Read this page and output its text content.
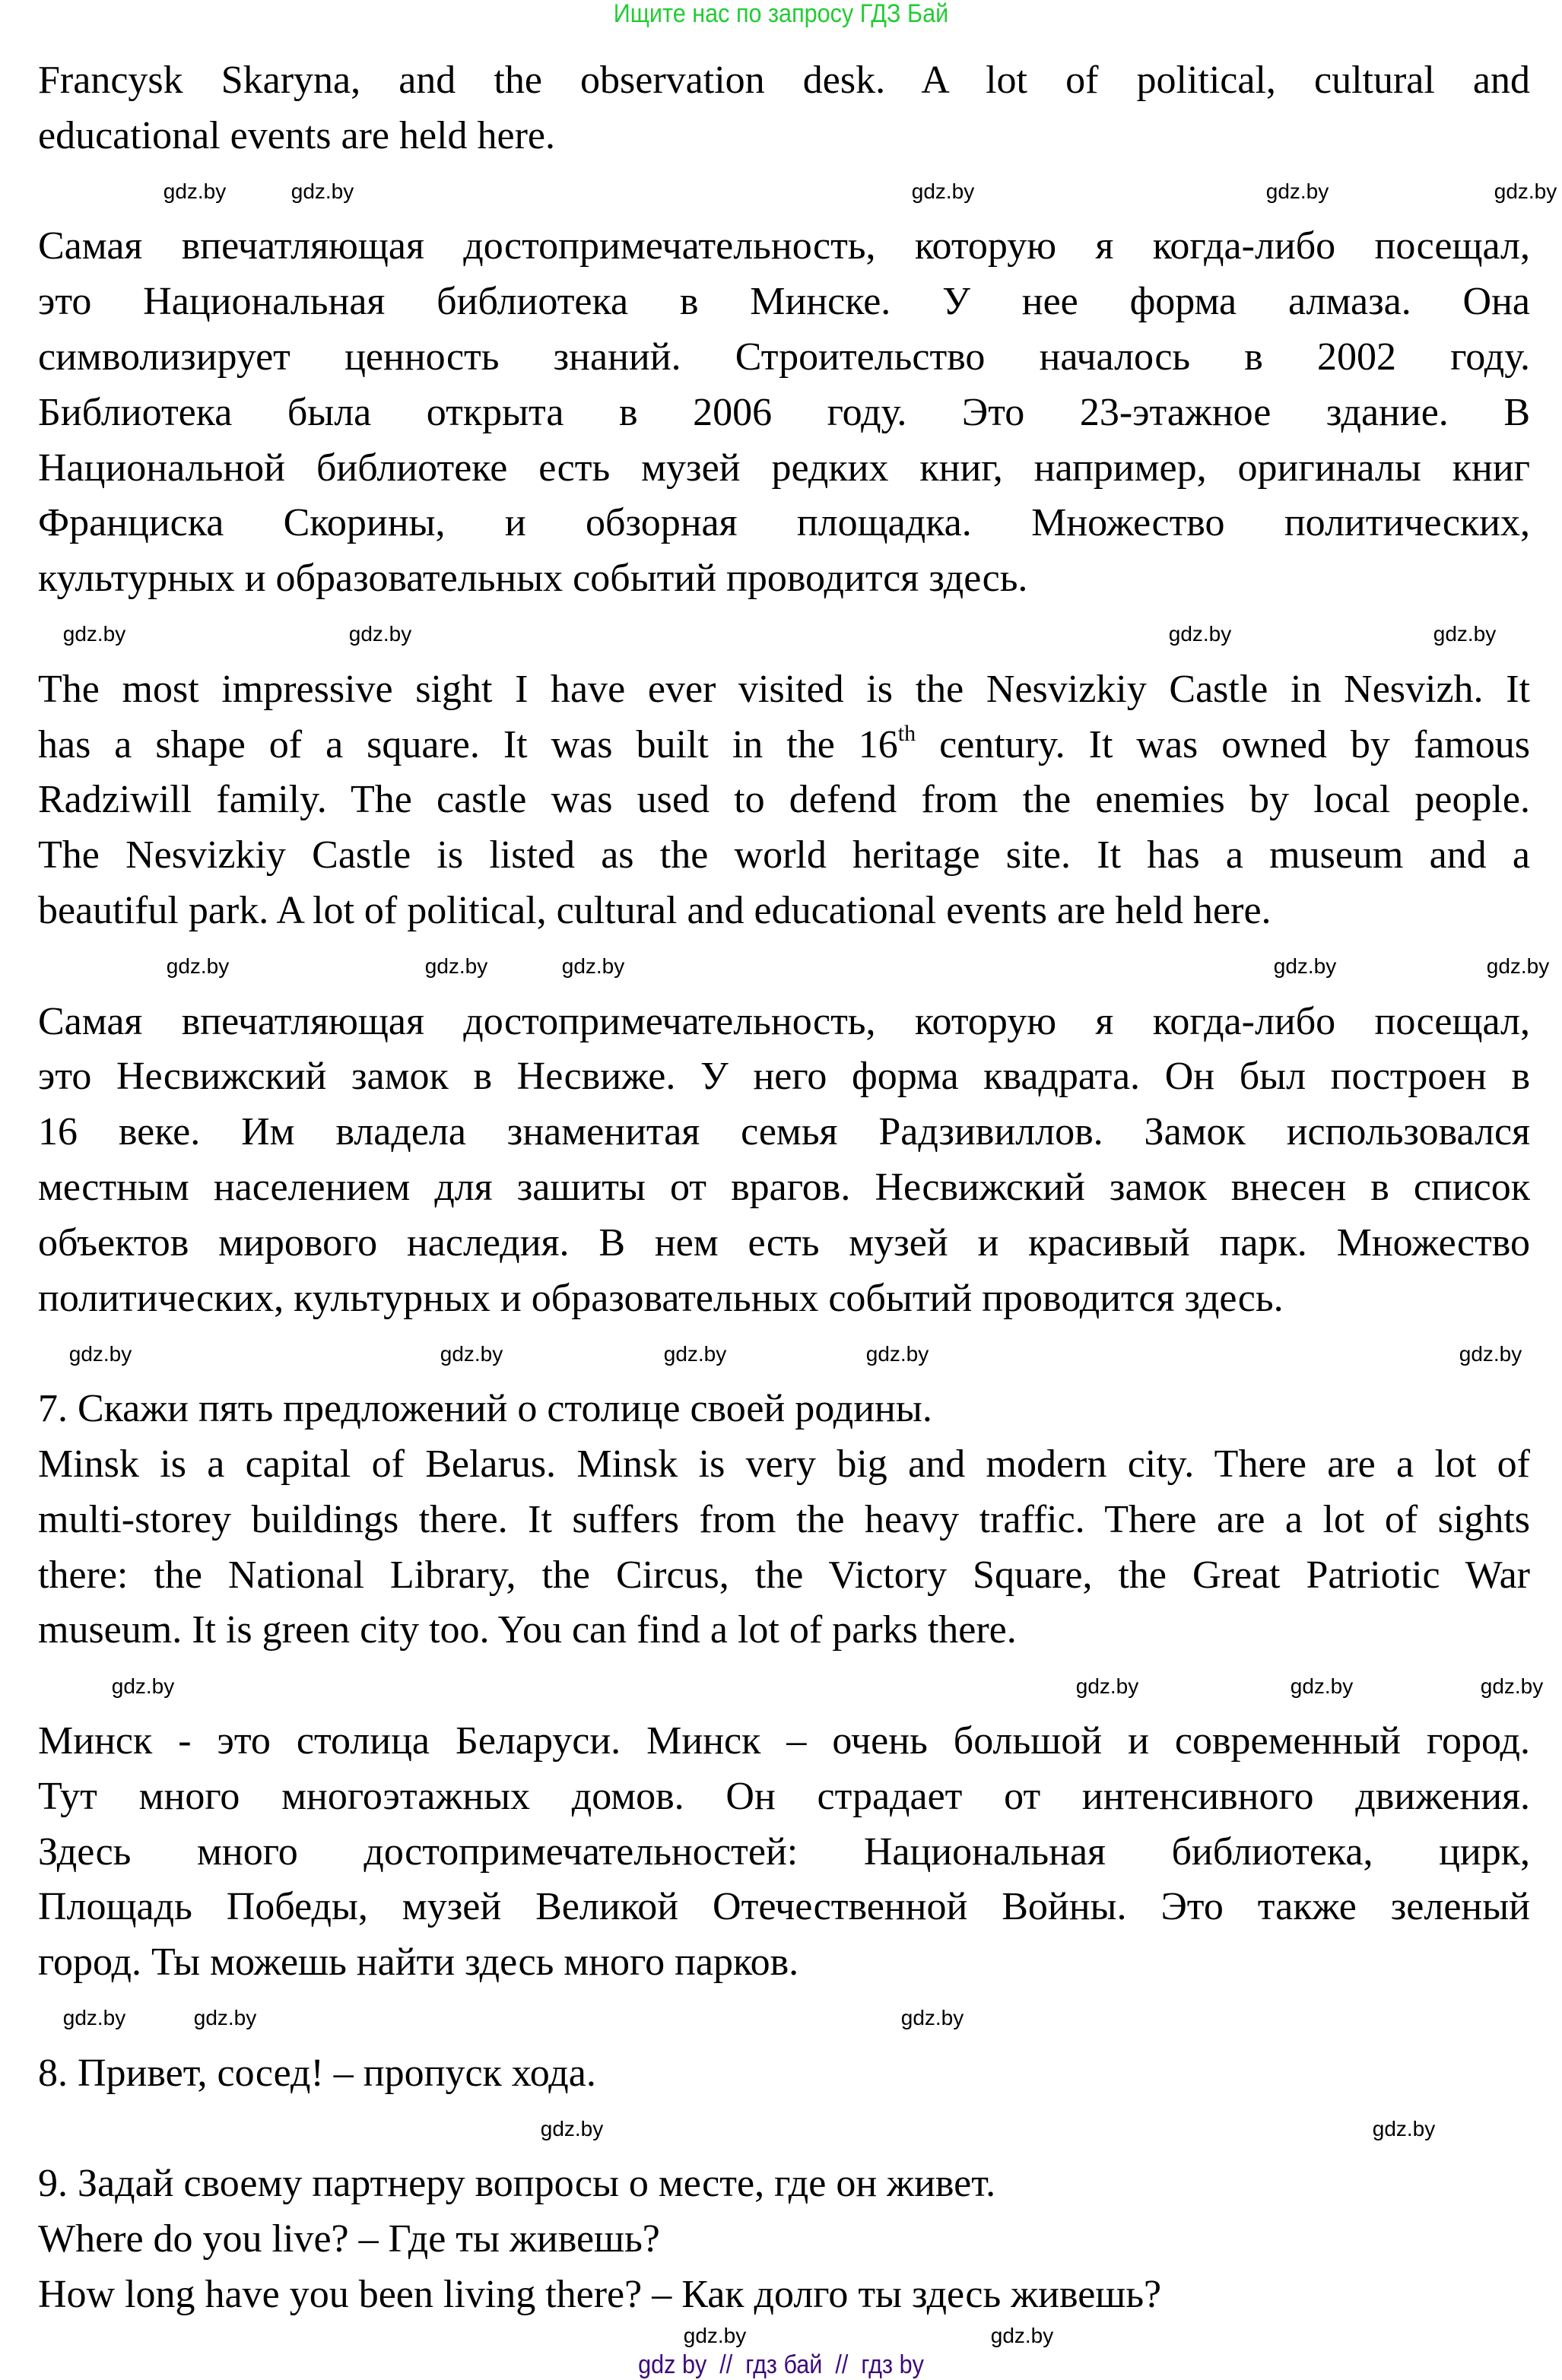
Ищите нас по запросу ГДЗ Бай
Francysk Skaryna, and the observation desk. A lot of political, cultural and
educational events are held here.
Самая впечатляющая достопримечательность, которую я когда-либо посещал,
это Национальная библиотека в Минске. У нее форма алмаза. Она
символизирует ценность знаний. Строительство началось в 2002 году.
Библиотека была открыта в 2006 году. Это 23-этажное здание. В
Национальной библиотеке есть музей редких книг, например, оригиналы книг
Франциска Скорины, и обзорная площадка. Множество политических,
культурных и образовательных событий проводится здесь.
The most impressive sight I have ever visited is the Nesvizkiy Castle in Nesvizh. It
has a shape of a square. It was built in the 16th century. It was owned by famous
Radziwill family. The castle was used to defend from the enemies by local people.
The Nesvizkiy Castle is listed as the world heritage site. It has a museum and a
beautiful park. A lot of political, cultural and educational events are held here.
Самая впечатляющая достопримечательность, которую я когда-либо посещал,
это Несвижский замок в Несвиже. У него форма квадрата. Он был построен в
16 веке. Им владела знаменитая семья Радзивиллов. Замок использовался
местным населением для зашиты от врагов. Несвижский замок внесен в список
объектов мирового наследия. В нем есть музей и красивый парк. Множество
политических, культурных и образовательных событий проводится здесь.
7. Скажи пять предложений о столице своей родины.
Minsk is a capital of Belarus. Minsk is very big and modern city. There are a lot of
multi-storey buildings there. It suffers from the heavy traffic. There are a lot of sights
there: the National Library, the Circus, the Victory Square, the Great Patriotic War
museum. It is green city too. You can find a lot of parks there.
Минск - это столица Беларуси. Минск – очень большой и современный город.
Тут много многоэтажных домов. Он страдает от интенсивного движения.
Здесь много достопримечательностей: Национальная библиотека, цирк,
Площадь Победы, музей Великой Отечественной Войны. Это также зеленый
город. Ты можешь найти здесь много парков.
8. Привет, сосед! – пропуск хода.
9. Задай своему партнеру вопросы о месте, где он живет.
Where do you live? – Где ты живешь?
How long have you been living there? – Как долго ты здесь живешь?
gdz by  //  гдз бай  //  гдз by
gdz.by	gdz.by	gdz.by
gdz.by	gdz.by
gdz.by
gdz.by	gdz.by
gdz.by
gdz.by	gdz.by	gdz.by
gdz.by
gdz.by
gdz.by	gdz.by	gdz.by
gdz.by	gdz.by
gdz.by	gdz.by	gdz.by
gdz.by
gdz.by	gdz.by
gdz.by
gdz.by	gdz.by
gdz.by
gdz.by
